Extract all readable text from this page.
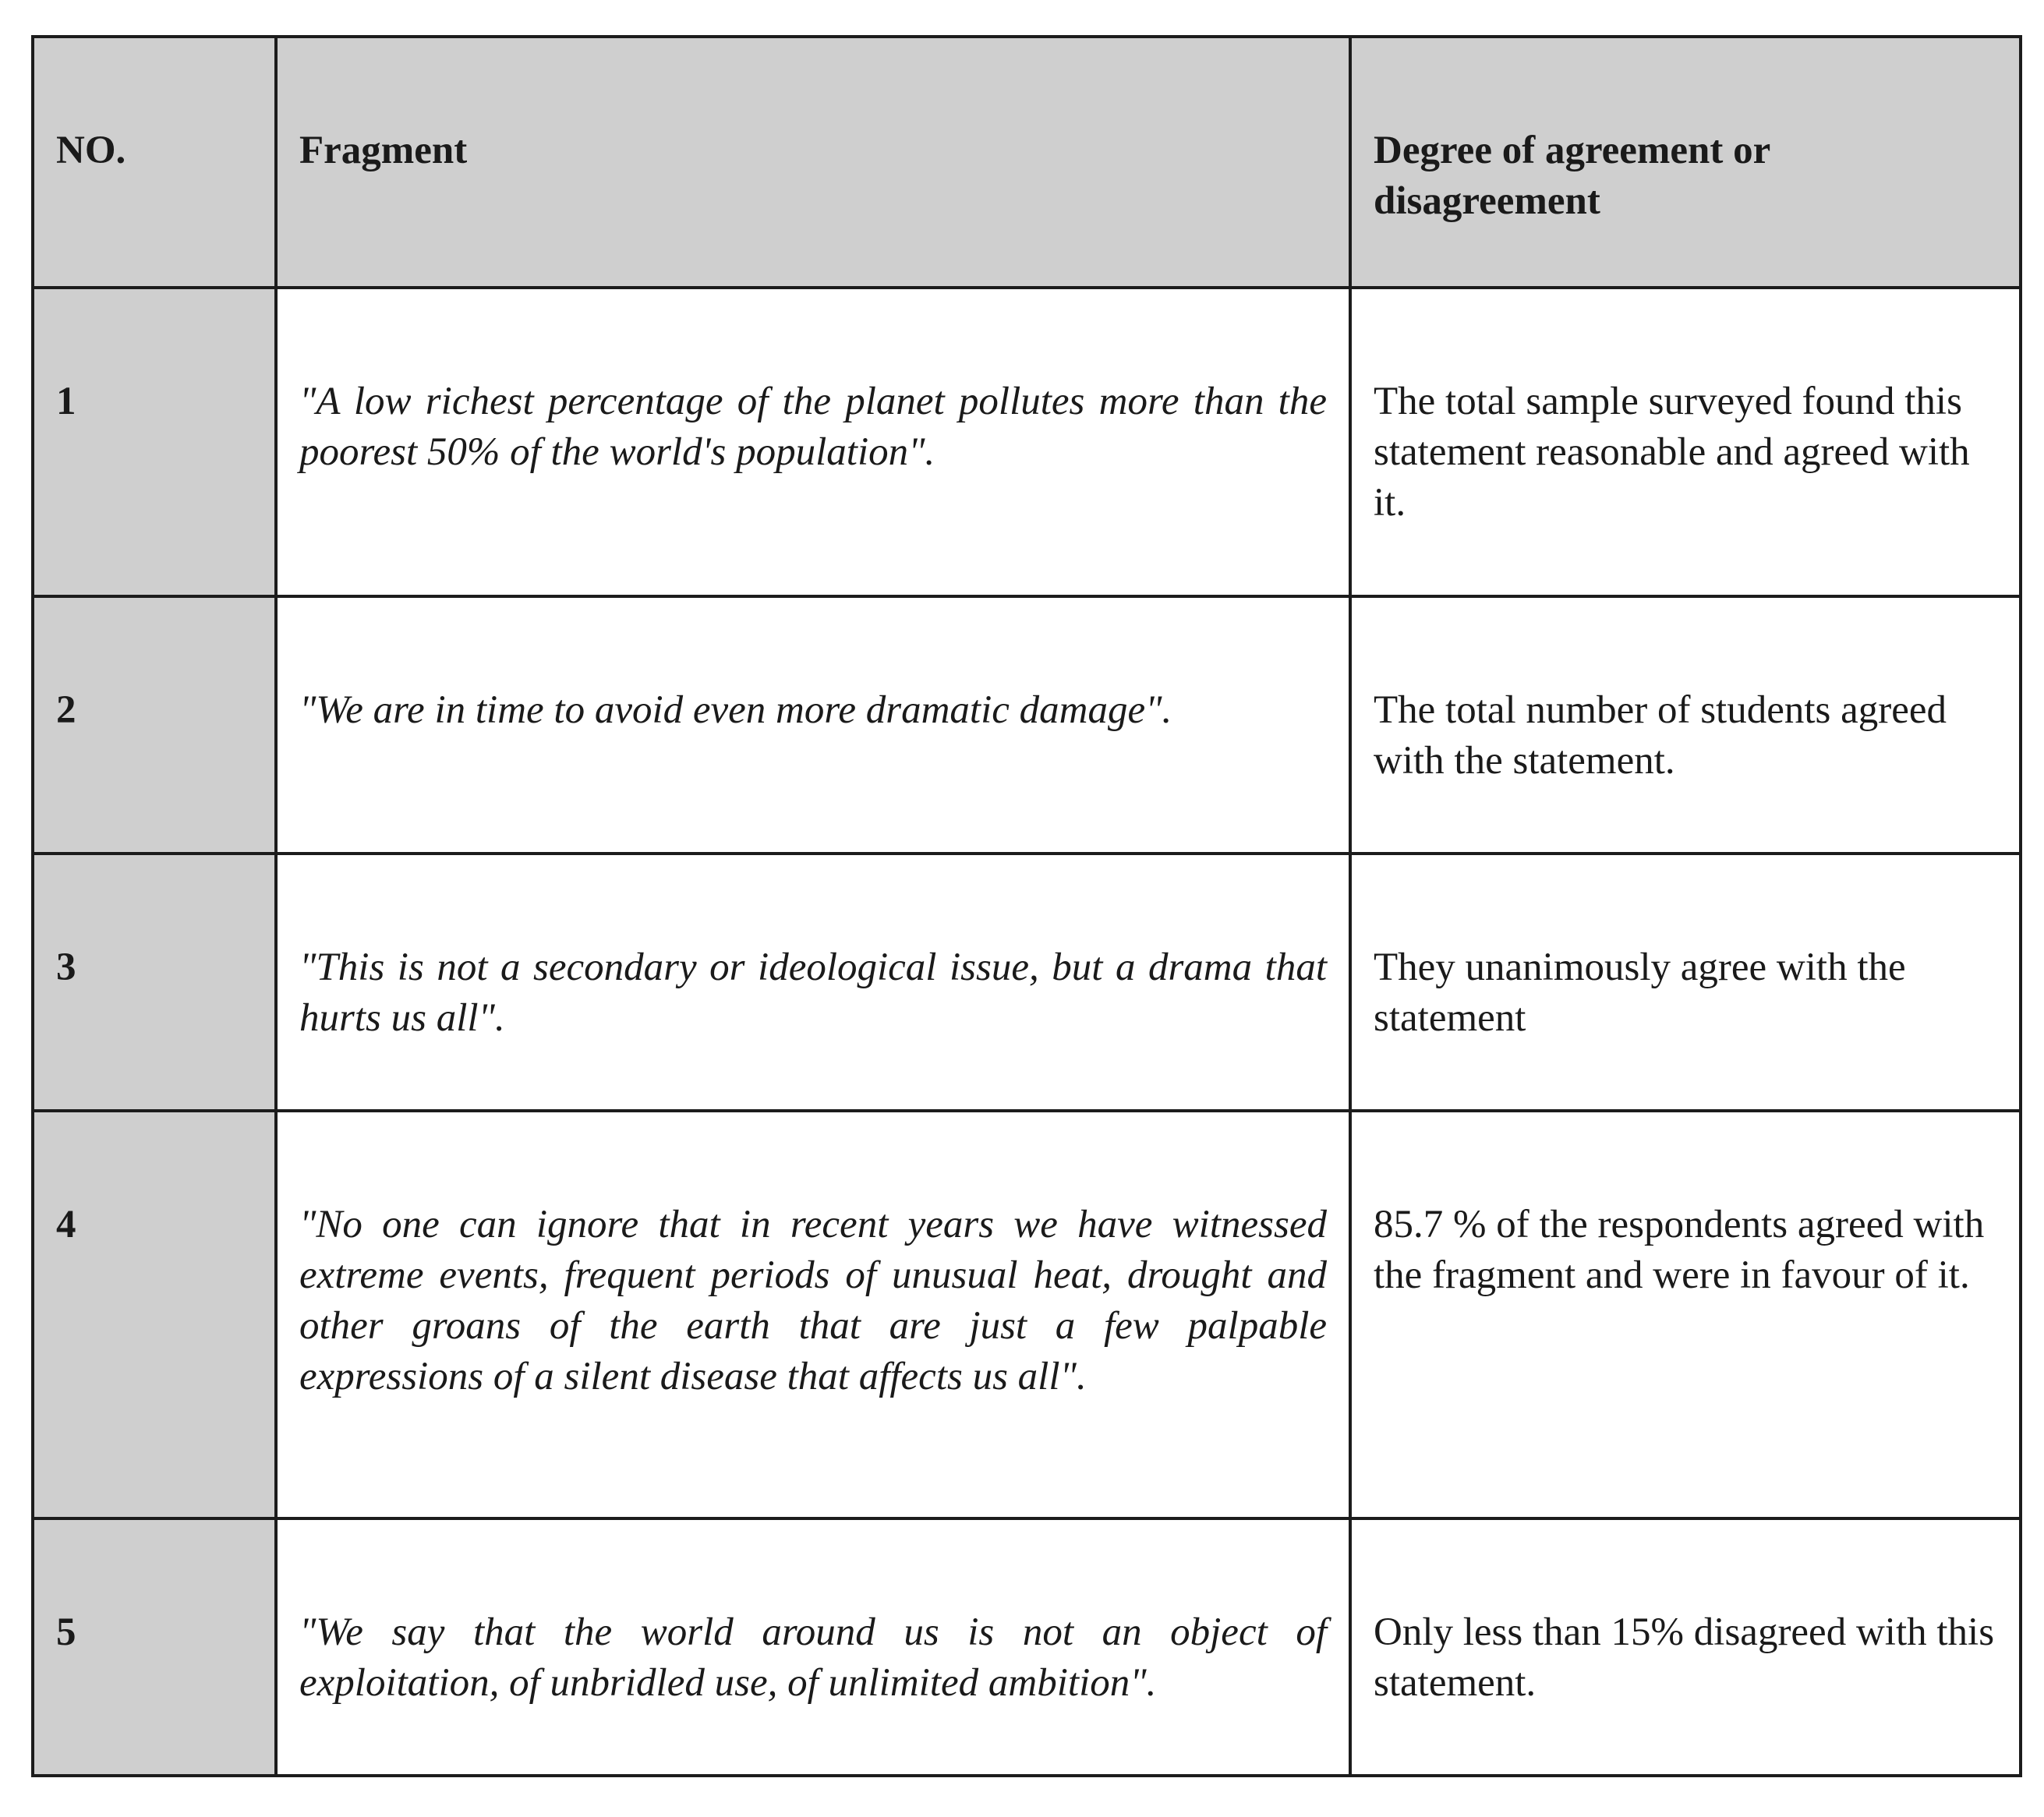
NO.	Fragment	Degree of agreement or disagreement

1	"A low richest percentage of the planet pollutes more than the poorest 50% of the world's population".	The total sample surveyed found this statement reasonable and agreed with it.

2	"We are in time to avoid even more dramatic damage".	The total number of students agreed with the statement.

3	"This is not a secondary or ideological issue, but a drama that hurts us all".	They unanimously agree with the statement

4	"No one can ignore that in recent years we have witnessed extreme events, frequent periods of unusual heat, drought and other groans of the earth that are just a few palpable expressions of a silent disease that affects us all".	85.7 % of the respondents agreed with the fragment and were in favour of it.

5	"We say that the world around us is not an object of exploitation, of unbridled use, of unlimited ambition".	Only less than 15% disagreed with this statement.
